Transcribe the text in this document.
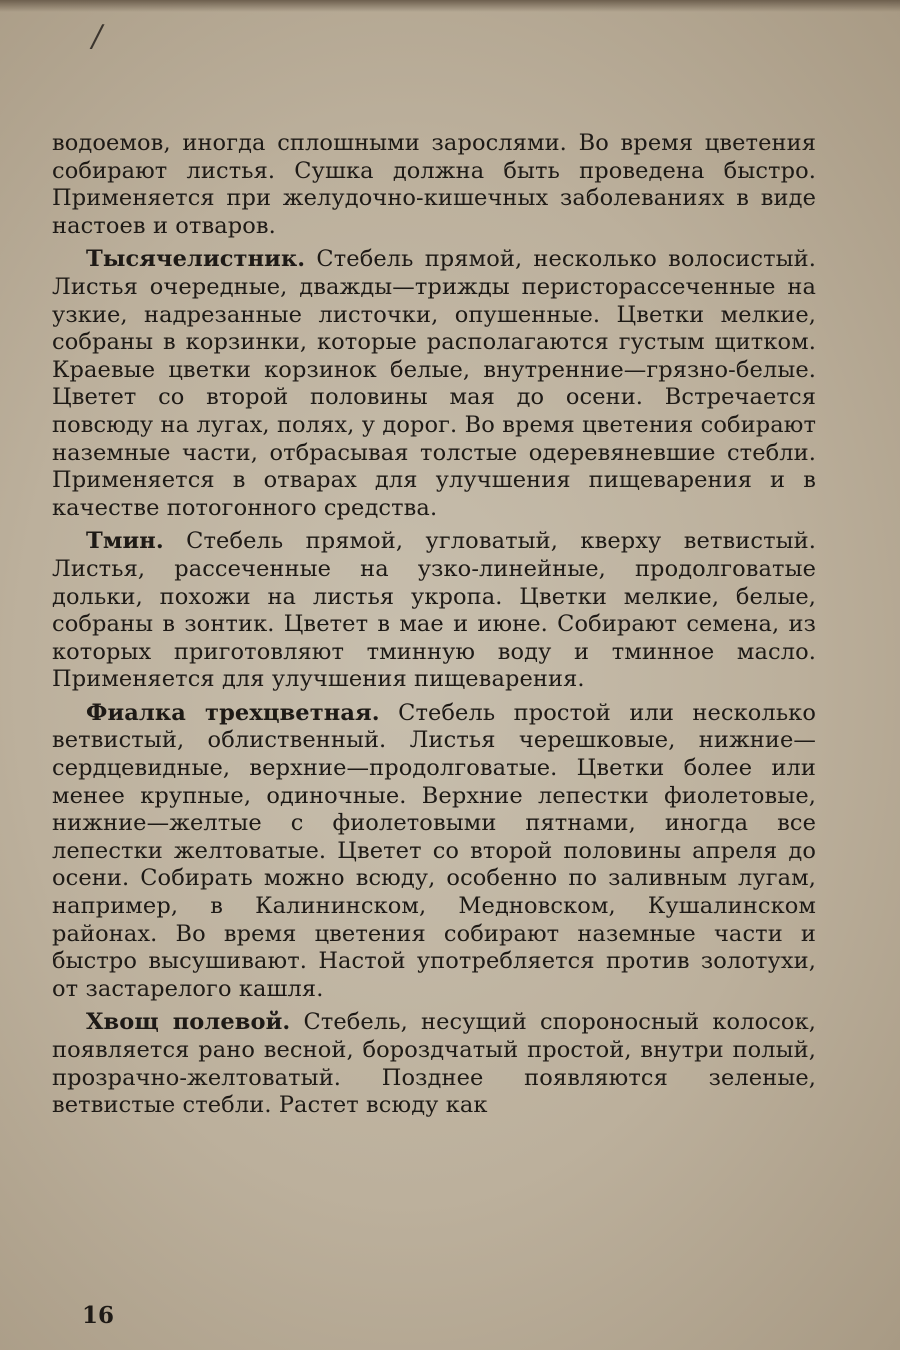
/

водоемов, иногда сплошными зарослями. Во время цветения собирают листья. Сушка должна быть проведена быстро. Применяется при желудочно-кишечных заболеваниях в виде настоев и отваров.

Тысячелистник. Стебель прямой, несколько волосистый. Листья очередные, дважды—трижды перисторассеченные на узкие, надрезанные листочки, опушенные. Цветки мелкие, собраны в корзинки, которые располагаются густым щитком. Краевые цветки корзинок белые, внутренние—грязно-белые. Цветет со второй половины мая до осени. Встречается повсюду на лугах, полях, у дорог. Во время цветения собирают наземные части, отбрасывая толстые одеревяневшие стебли. Применяется в отварах для улучшения пищеварения и в качестве потогонного средства.

Тмин. Стебель прямой, угловатый, кверху ветвистый. Листья, рассеченные на узко-линейные, продолговатые дольки, похожи на листья укропа. Цветки мелкие, белые, собраны в зонтик. Цветет в мае и июне. Собирают семена, из которых приготовляют тминную воду и тминное масло. Применяется для улучшения пищеварения.

Фиалка трехцветная. Стебель простой или несколько ветвистый, облиственный. Листья черешковые, нижние—сердцевидные, верхние—продолговатые. Цветки более или менее крупные, одиночные. Верхние лепестки фиолетовые, нижние—желтые с фиолетовыми пятнами, иногда все лепестки желтоватые. Цветет со второй половины апреля до осени. Собирать можно всюду, особенно по заливным лугам, например, в Калининском, Медновском, Кушалинском районах. Во время цветения собирают наземные части и быстро высушивают. Настой употребляется против золотухи, от застарелого кашля.

Хвощ полевой. Стебель, несущий спороносный колосок, появляется рано весной, бороздчатый простой, внутри полый, прозрачно-желтоватый. Позднее появляются зеленые, ветвистые стебли. Растет всюду как

16
